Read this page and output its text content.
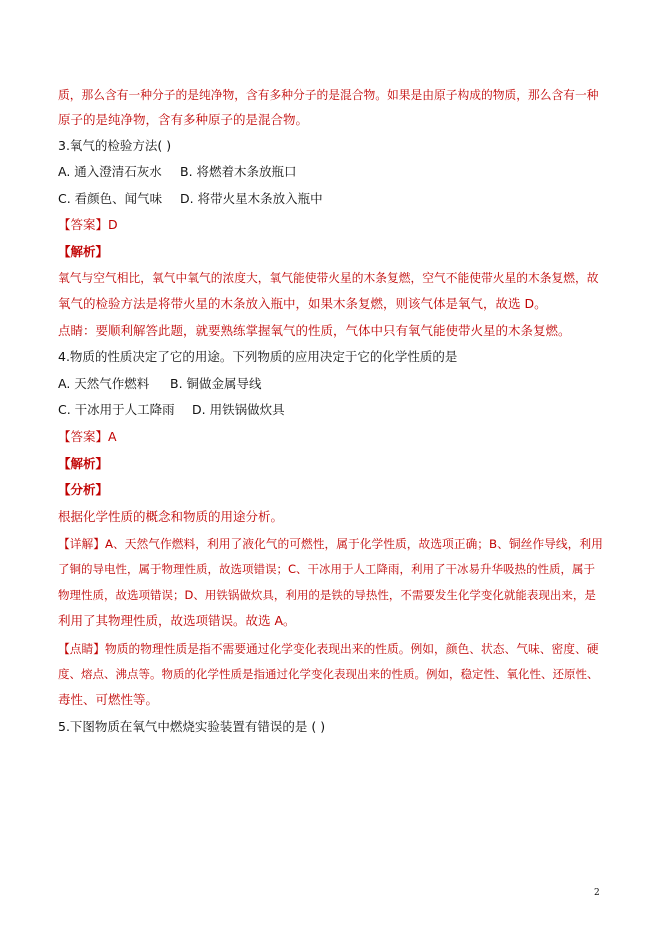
质，那么含有一种分子的是纯净物，含有多种分子的是混合物。如果是由原子构成的物质，那么含有一种

原子的是纯净物，含有多种原子的是混合物。

3.氧气的检验方法( )

A. 通入澄清石灰水 B. 将燃着木条放瓶口
C. 看颜色、闻气味 D. 将带火星木条放入瓶中

【答案】D

【解析】

氧气与空气相比，氧气中氧气的浓度大，氧气能使带火星的木条复燃，空气不能使带火星的木条复燃，故

氧气的检验方法是将带火星的木条放入瓶中，如果木条复燃，则该气体是氧气，故选 D。

点睛：要顺利解答此题，就要熟练掌握氧气的性质，气体中只有氧气能使带火星的木条复燃。

4.物质的性质决定了它的用途。下列物质的应用决定于它的化学性质的是

A. 天然气作燃料 B. 铜做金属导线
C. 干冰用于人工降雨 D. 用铁锅做炊具

【答案】A

【解析】

【分析】

根据化学性质的概念和物质的用途分析。

【详解】A、天然气作燃料，利用了液化气的可燃性，属于化学性质，故选项正确；B、铜丝作导线，利用

了铜的导电性，属于物理性质，故选项错误；C、干冰用于人工降雨，利用了干冰易升华吸热的性质，属于

物理性质，故选项错误；D、用铁锅做炊具，利用的是铁的导热性，不需要发生化学变化就能表现出来，是

利用了其物理性质，故选项错误。故选 A。

【点睛】物质的物理性质是指不需要通过化学变化表现出来的性质。例如，颜色、状态、气味、密度、硬

度、熔点、沸点等。物质的化学性质是指通过化学变化表现出来的性质。例如，稳定性、氧化性、还原性、

毒性、可燃性等。

5.下图物质在氧气中燃烧实验装置有错误的是 ( )

2
